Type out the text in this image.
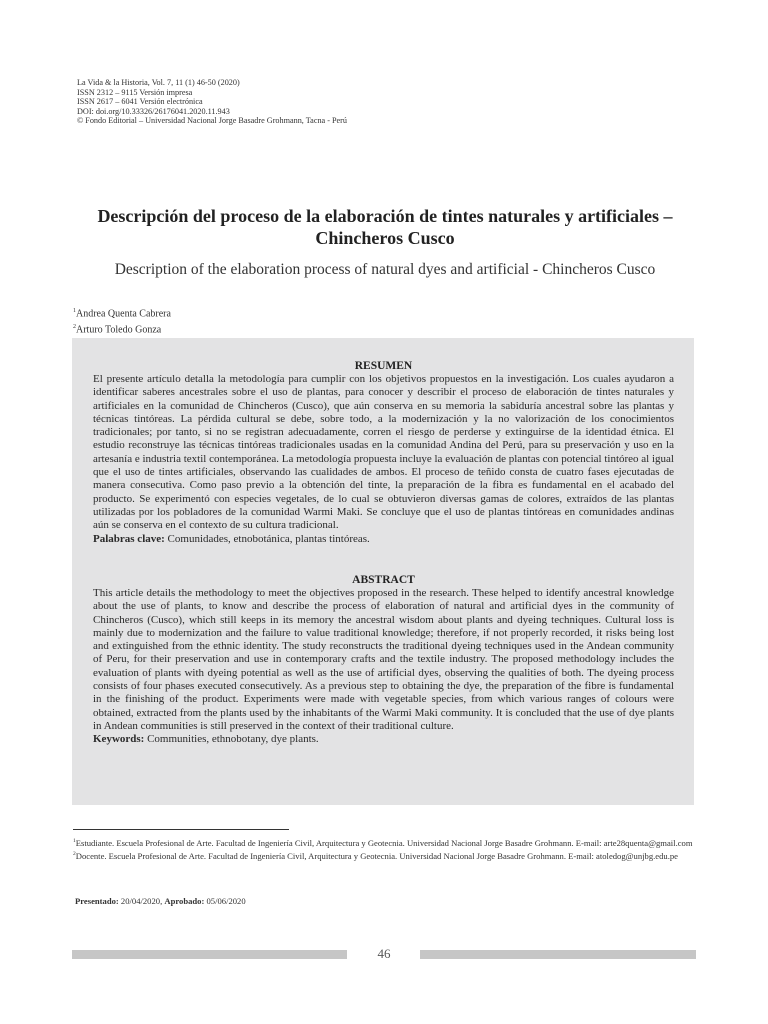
La Vida & la Historia, Vol. 7, 11 (1) 46-50 (2020)
ISSN 2312 – 9115 Versión impresa
ISSN 2617 – 6041 Versión electrónica
DOI: doi.org/10.33326/26176041.2020.11.943
© Fondo Editorial – Universidad Nacional Jorge Basadre Grohmann, Tacna - Perú
Descripción del proceso de la elaboración de tintes naturales y artificiales – Chincheros Cusco
Description of the elaboration process of natural dyes and artificial - Chincheros Cusco
$^1$Andrea Quenta Cabrera
$^2$Arturo Toledo Gonza
RESUMEN
El presente artículo detalla la metodología para cumplir con los objetivos propuestos en la investigación. Los cuales ayudaron a identificar saberes ancestrales sobre el uso de plantas, para conocer y describir el proceso de elaboración de tintes naturales y artificiales en la comunidad de Chincheros (Cusco), que aún conserva en su memoria la sabiduría ancestral sobre las plantas y técnicas tintóreas. La pérdida cultural se debe, sobre todo, a la modernización y la no valorización de los conocimientos tradicionales; por tanto, si no se registran adecuadamente, corren el riesgo de perderse y extinguirse de la identidad étnica. El estudio reconstruye las técnicas tintóreas tradicionales usadas en la comunidad Andina del Perú, para su preservación y uso en la artesanía e industria textil contemporánea. La metodología propuesta incluye la evaluación de plantas con potencial tintóreo al igual que el uso de tintes artificiales, observando las cualidades de ambos. El proceso de teñido consta de cuatro fases ejecutadas de manera consecutiva. Como paso previo a la obtención del tinte, la preparación de la fibra es fundamental en el acabado del producto. Se experimentó con especies vegetales, de lo cual se obtuvieron diversas gamas de colores, extraídos de las plantas utilizadas por los pobladores de la comunidad Warmi Maki. Se concluye que el uso de plantas tintóreas en comunidades andinas aún se conserva en el contexto de su cultura tradicional.
Palabras clave: Comunidades, etnobotánica, plantas tintóreas.
ABSTRACT
This article details the methodology to meet the objectives proposed in the research. These helped to identify ancestral knowledge about the use of plants, to know and describe the process of elaboration of natural and artificial dyes in the community of Chincheros (Cusco), which still keeps in its memory the ancestral wisdom about plants and dyeing techniques. Cultural loss is mainly due to modernization and the failure to value traditional knowledge; therefore, if not properly recorded, it risks being lost and extinguished from the ethnic identity. The study reconstructs the traditional dyeing techniques used in the Andean community of Peru, for their preservation and use in contemporary crafts and the textile industry. The proposed methodology includes the evaluation of plants with dyeing potential as well as the use of artificial dyes, observing the qualities of both. The dyeing process consists of four phases executed consecutively. As a previous step to obtaining the dye, the preparation of the fibre is fundamental in the finishing of the product. Experiments were made with vegetable species, from which various ranges of colours were obtained, extracted from the plants used by the inhabitants of the Warmi Maki community. It is concluded that the use of dye plants in Andean communities is still preserved in the context of their traditional culture.
Keywords: Communities, ethnobotany, dye plants.
$^1$Estudiante. Escuela Profesional de Arte. Facultad de Ingeniería Civil, Arquitectura y Geotecnia. Universidad Nacional Jorge Basadre Grohmann. E-mail: arte28quenta@gmail.com
$^2$Docente. Escuela Profesional de Arte. Facultad de Ingeniería Civil, Arquitectura y Geotecnia. Universidad Nacional Jorge Basadre Grohmann. E-mail: atoledog@unjbg.edu.pe
Presentado: 20/04/2020, Aprobado: 05/06/2020
46
